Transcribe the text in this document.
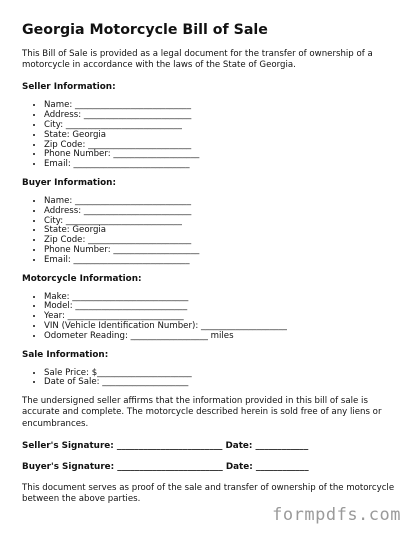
Georgia Motorcycle Bill of Sale

This Bill of Sale is provided as a legal document for the transfer of ownership of a motorcycle in accordance with the laws of the State of Georgia.

Seller Information:
• Name: ___________________________
• Address: _________________________
• City: ___________________________
• State: Georgia
• Zip Code: ________________________
• Phone Number: ____________________
• Email: ___________________________
Buyer Information:
• Name: ___________________________
• Address: _________________________
• City: ___________________________
• State: Georgia
• Zip Code: ________________________
• Phone Number: ____________________
• Email: ___________________________
Motorcycle Information:
• Make: ___________________________
• Model: __________________________
• Year: ___________________________
• VIN (Vehicle Identification Number): ____________________
• Odometer Reading: __________________ miles
Sale Information:
• Sale Price: $______________________
• Date of Sale: ____________________

The undersigned seller affirms that the information provided in this bill of sale is accurate and complete. The motorcycle described herein is sold free of any liens or encumbrances.

Seller's Signature: ________________________ Date: ____________
Buyer's Signature: ________________________ Date: ____________

This document serves as proof of the sale and transfer of ownership of the motorcycle between the above parties.

formpdfs.com
